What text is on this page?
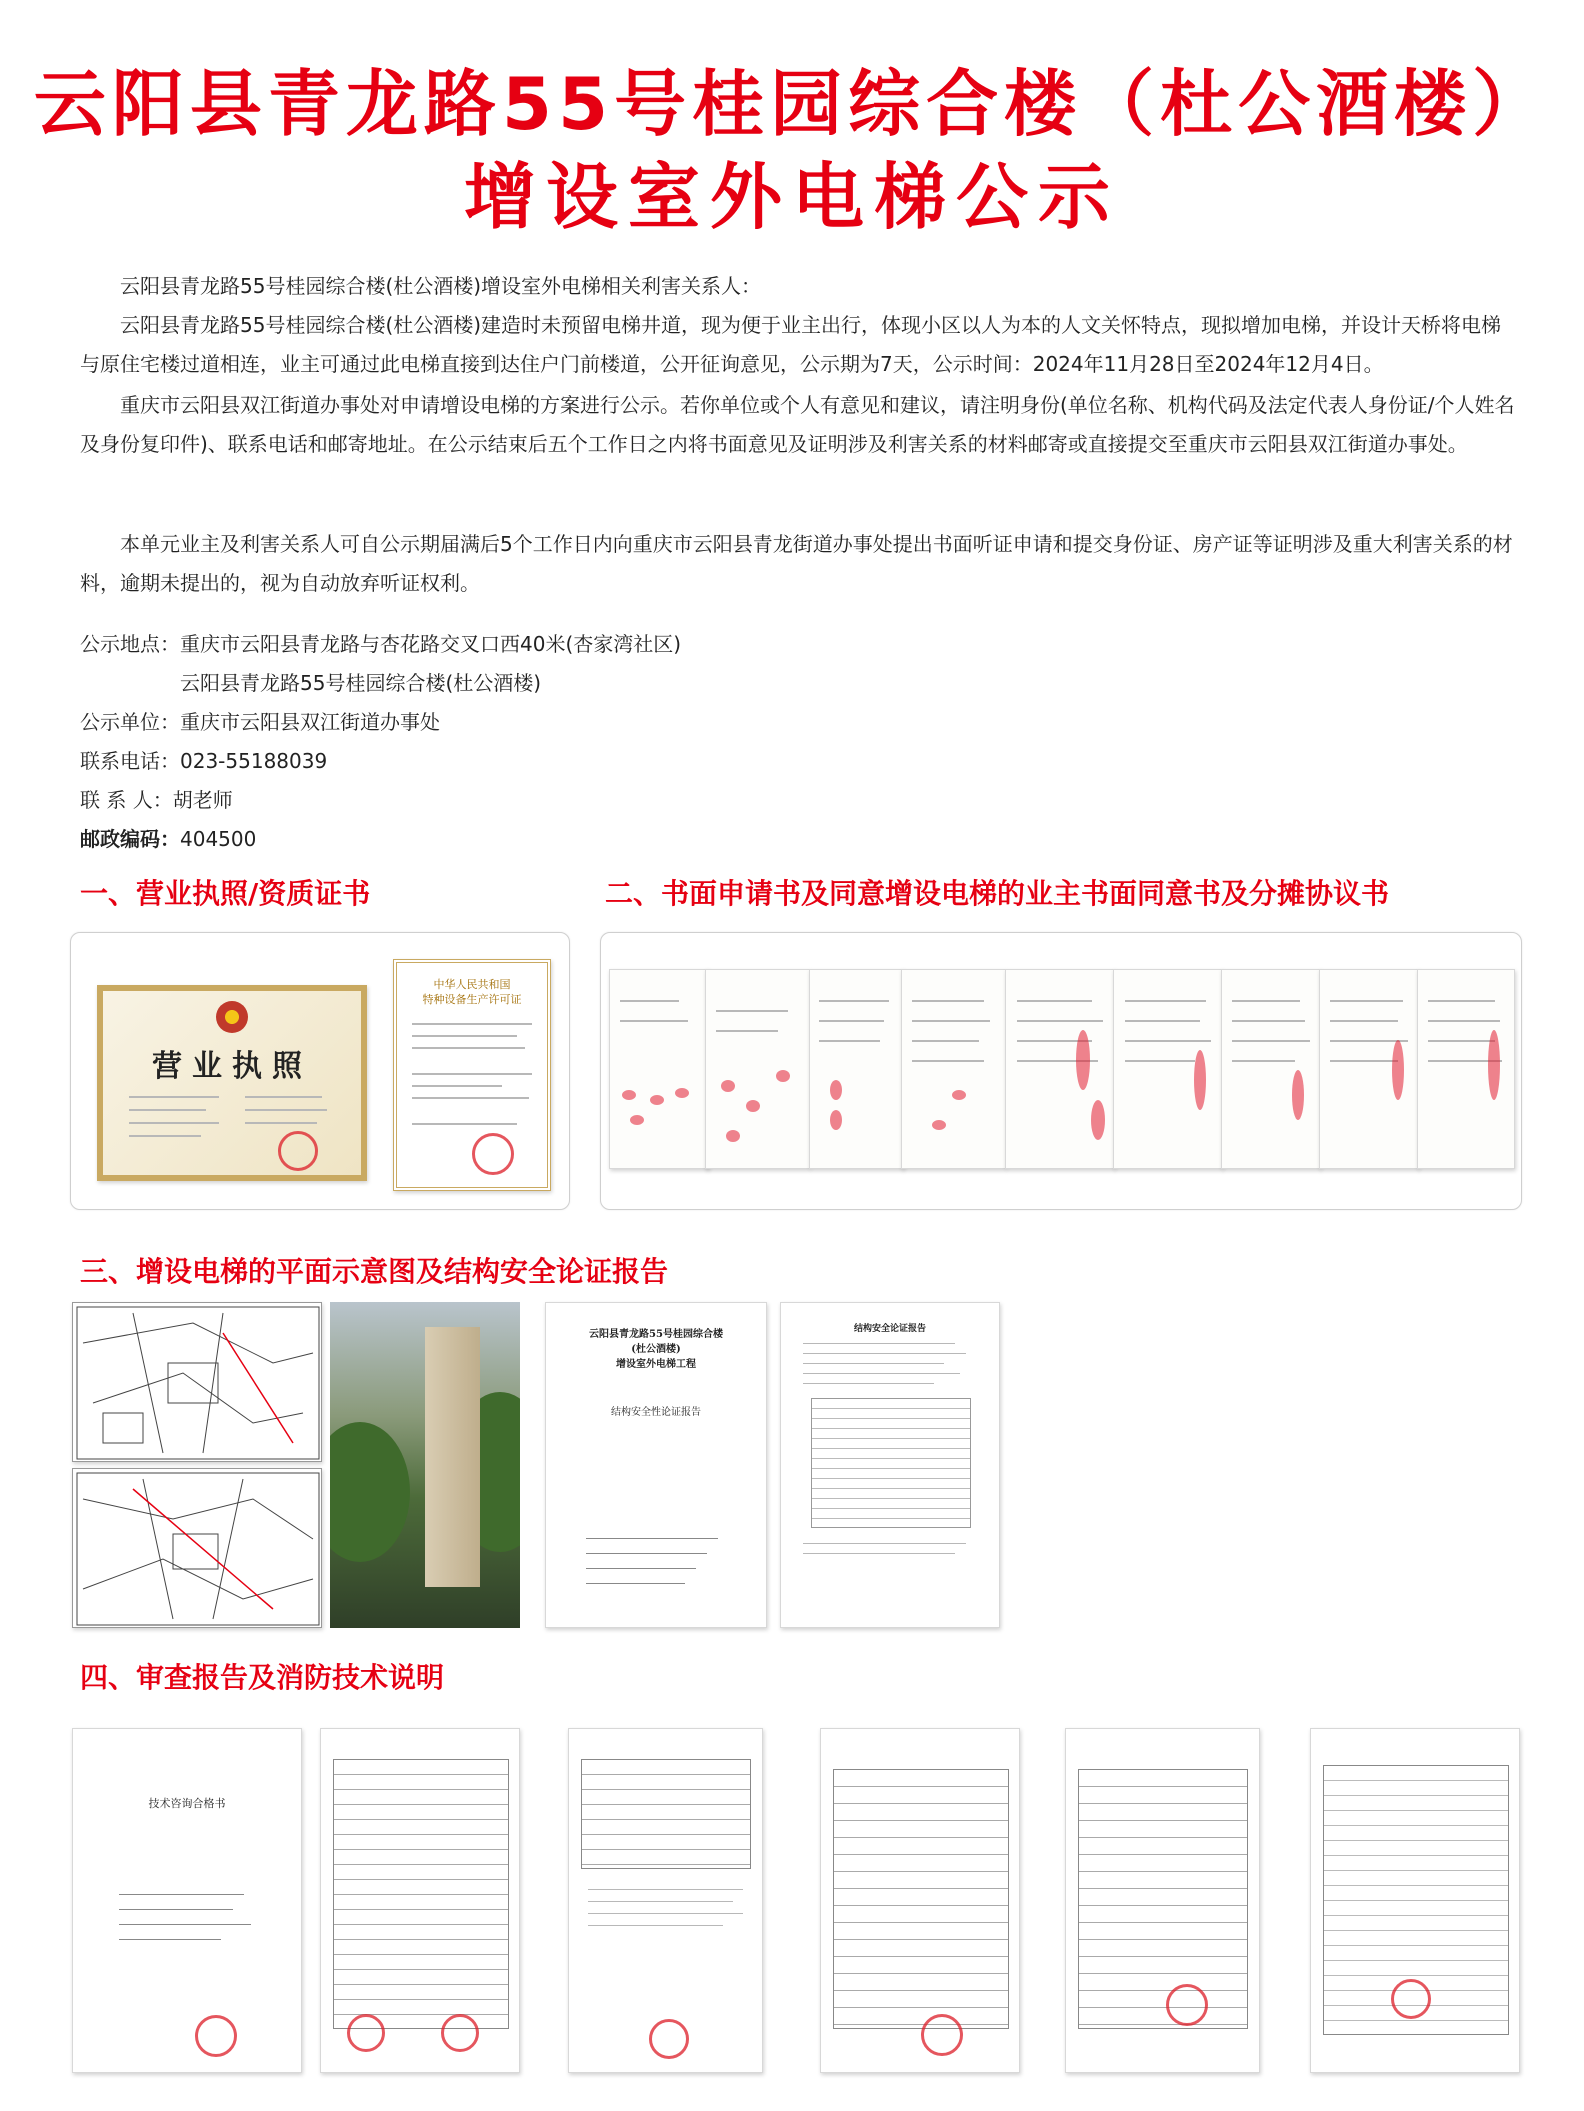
云阳县青龙路55号桂园综合楼（杜公酒楼）
增设室外电梯公示
云阳县青龙路55号桂园综合楼(杜公酒楼)增设室外电梯相关利害关系人：
云阳县青龙路55号桂园综合楼(杜公酒楼)建造时未预留电梯井道，现为便于业主出行，体现小区以人为本的人文关怀特点，现拟增加电梯，并设计天桥将电梯与原住宅楼过道相连，业主可通过此电梯直接到达住户门前楼道，公开征询意见，公示期为7天，公示时间：2024年11月28日至2024年12月4日。
重庆市云阳县双江街道办事处对申请增设电梯的方案进行公示。若你单位或个人有意见和建议，请注明身份(单位名称、机构代码及法定代表人身份证/个人姓名及身份复印件)、联系电话和邮寄地址。在公示结束后五个工作日之内将书面意见及证明涉及利害关系的材料邮寄或直接提交至重庆市云阳县双江街道办事处。
本单元业主及利害关系人可自公示期届满后5个工作日内向重庆市云阳县青龙街道办事处提出书面听证申请和提交身份证、房产证等证明涉及重大利害关系的材料，逾期未提出的，视为自动放弃听证权利。
公示地点：重庆市云阳县青龙路与杏花路交叉口西40米(杏家湾社区)
云阳县青龙路55号桂园综合楼(杜公酒楼)
公示单位：重庆市云阳县双江街道办事处
联系电话：023-55188039
联 系 人：胡老师
邮政编码：404500
一、营业执照/资质证书
营业执照
中华人民共和国
特种设备生产许可证
二、书面申请书及同意增设电梯的业主书面同意书及分摊协议书
三、增设电梯的平面示意图及结构安全论证报告
云阳县青龙路55号桂园综合楼
(杜公酒楼)
增设室外电梯工程
结构安全性论证报告
结构安全论证报告
四、审查报告及消防技术说明
技术咨询合格书
